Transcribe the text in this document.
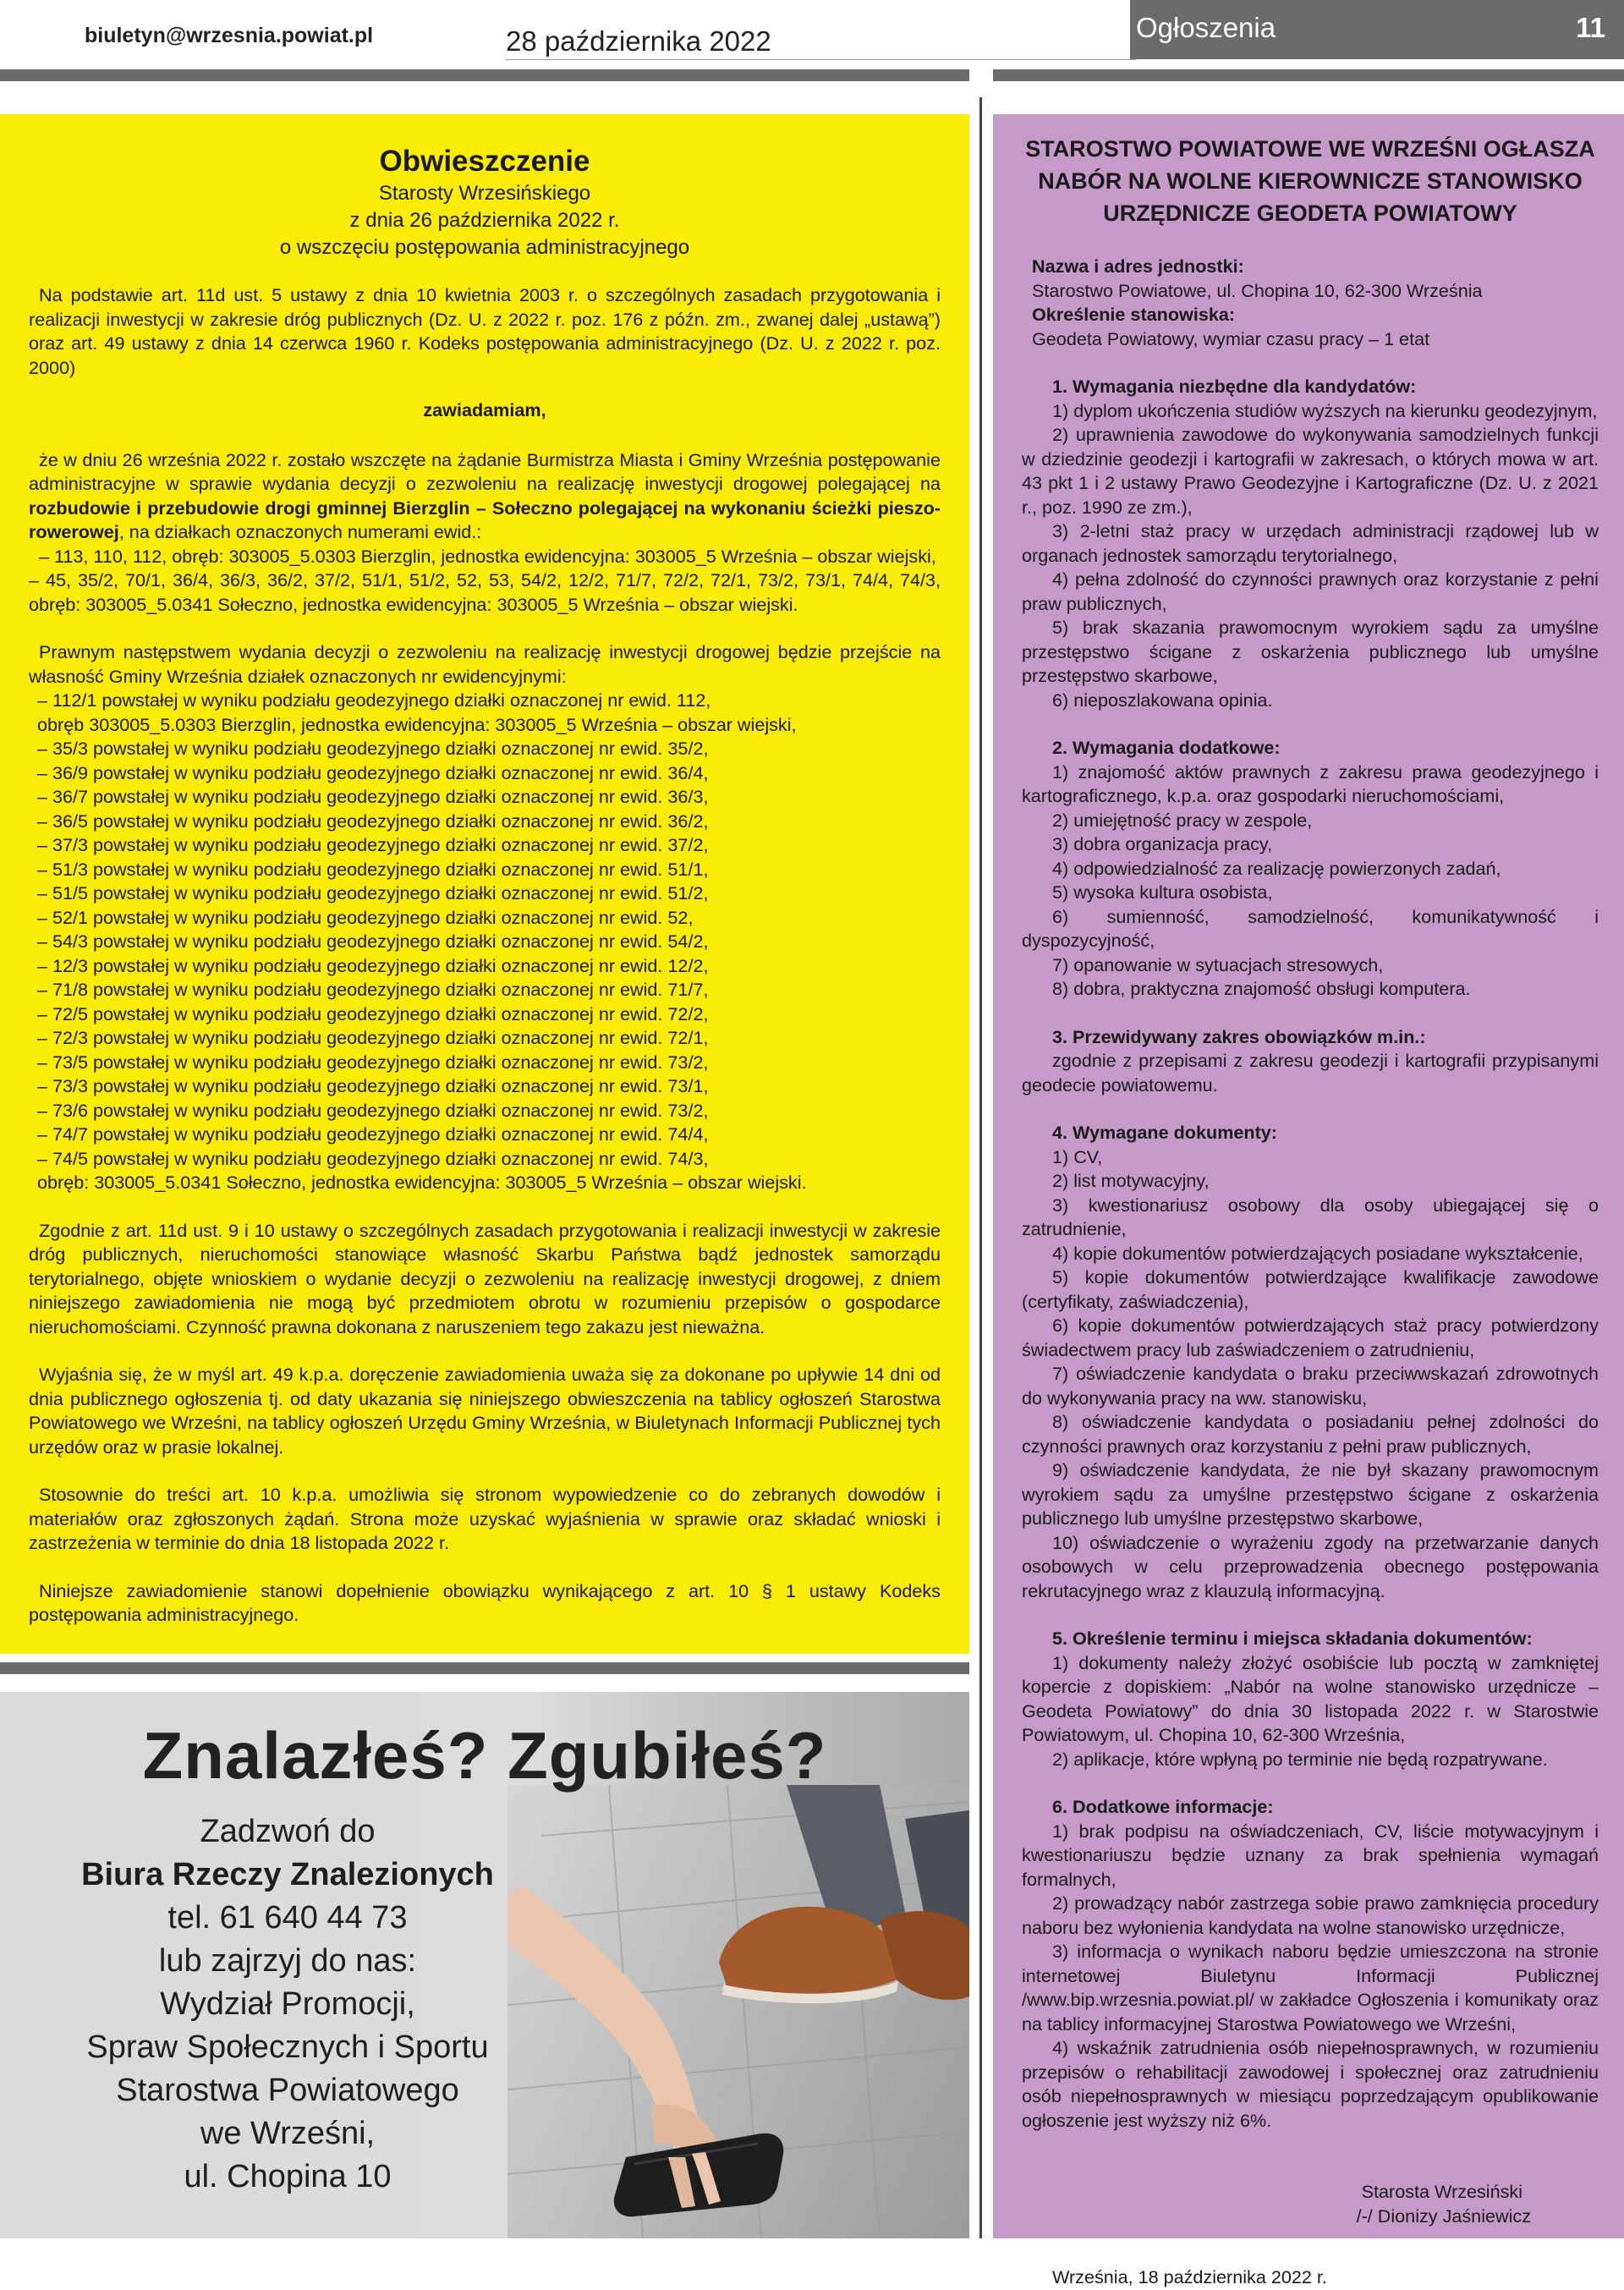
biuletyn@wrzesnia.powiat.pl	28 października 2022	Ogłoszenia	11
Obwieszczenie
Starosty Wrzesińskiego
z dnia 26 października 2022 r.
o wszczęciu postępowania administracyjnego

Na podstawie art. 11d ust. 5 ustawy z dnia 10 kwietnia 2003 r. o szczególnych zasadach przygotowania i realizacji inwestycji w zakresie dróg publicznych (Dz. U. z 2022 r. poz. 176 z późn. zm., zwanej dalej „ustawą”) oraz art. 49 ustawy z dnia 14 czerwca 1960 r. Kodeks postępowania administracyjnego (Dz. U. z 2022 r. poz. 2000)

zawiadamiam,

że w dniu 26 września 2022 r. zostało wszczęte na żądanie Burmistrza Miasta i Gminy Września postępowanie administracyjne w sprawie wydania decyzji o zezwoleniu na realizację inwestycji drogowej polegającej na rozbudowie i przebudowie drogi gminnej Bierzglin – Sołeczno polegającej na wykonaniu ścieżki pieszo-rowerowej, na działkach oznaczonych numerami ewid.:

– 113, 110, 112, obręb: 303005_5.0303 Bierzglin, jednostka ewidencyjna: 303005_5 Września – obszar wiejski,

– 45, 35/2, 70/1, 36/4, 36/3, 36/2, 37/2, 51/1, 51/2, 52, 53, 54/2, 12/2, 71/7, 72/2, 72/1, 73/2, 73/1, 74/4, 74/3, obręb: 303005_5.0341 Sołeczno, jednostka ewidencyjna: 303005_5 Września – obszar wiejski.

Prawnym następstwem wydania decyzji o zezwoleniu na realizację inwestycji drogowej będzie przejście na własność Gminy Września działek oznaczonych nr ewidencyjnymi:

– 112/1 powstałej w wyniku podziału geodezyjnego działki oznaczonej nr ewid. 112,
obręb 303005_5.0303 Bierzglin, jednostka ewidencyjna: 303005_5 Września – obszar wiejski,
– 35/3 powstałej w wyniku podziału geodezyjnego działki oznaczonej nr ewid. 35/2,
– 36/9 powstałej w wyniku podziału geodezyjnego działki oznaczonej nr ewid. 36/4,
– 36/7 powstałej w wyniku podziału geodezyjnego działki oznaczonej nr ewid. 36/3,
– 36/5 powstałej w wyniku podziału geodezyjnego działki oznaczonej nr ewid. 36/2,
– 37/3 powstałej w wyniku podziału geodezyjnego działki oznaczonej nr ewid. 37/2,
– 51/3 powstałej w wyniku podziału geodezyjnego działki oznaczonej nr ewid. 51/1,
– 51/5 powstałej w wyniku podziału geodezyjnego działki oznaczonej nr ewid. 51/2,
– 52/1 powstałej w wyniku podziału geodezyjnego działki oznaczonej nr ewid. 52,
– 54/3 powstałej w wyniku podziału geodezyjnego działki oznaczonej nr ewid. 54/2,
– 12/3 powstałej w wyniku podziału geodezyjnego działki oznaczonej nr ewid. 12/2,
– 71/8 powstałej w wyniku podziału geodezyjnego działki oznaczonej nr ewid. 71/7,
– 72/5 powstałej w wyniku podziału geodezyjnego działki oznaczonej nr ewid. 72/2,
– 72/3 powstałej w wyniku podziału geodezyjnego działki oznaczonej nr ewid. 72/1,
– 73/5 powstałej w wyniku podziału geodezyjnego działki oznaczonej nr ewid. 73/2,
– 73/3 powstałej w wyniku podziału geodezyjnego działki oznaczonej nr ewid. 73/1,
– 73/6 powstałej w wyniku podziału geodezyjnego działki oznaczonej nr ewid. 73/2,
– 74/7 powstałej w wyniku podziału geodezyjnego działki oznaczonej nr ewid. 74/4,
– 74/5 powstałej w wyniku podziału geodezyjnego działki oznaczonej nr ewid. 74/3,
obręb: 303005_5.0341 Sołeczno, jednostka ewidencyjna: 303005_5 Września – obszar wiejski.

Zgodnie z art. 11d ust. 9 i 10 ustawy o szczególnych zasadach przygotowania i realizacji inwestycji w zakresie dróg publicznych, nieruchomości stanowiące własność Skarbu Państwa bądź jednostek samorządu terytorialnego, objęte wnioskiem o wydanie decyzji o zezwoleniu na realizację inwestycji drogowej, z dniem niniejszego zawiadomienia nie mogą być przedmiotem obrotu w rozumieniu przepisów o gospodarce nieruchomościami. Czynność prawna dokonana z naruszeniem tego zakazu jest nieważna.

Wyjaśnia się, że w myśl art. 49 k.p.a. doręczenie zawiadomienia uważa się za dokonane po upływie 14 dni od dnia publicznego ogłoszenia tj. od daty ukazania się niniejszego obwieszczenia na tablicy ogłoszeń Starostwa Powiatowego we Wrześni, na tablicy ogłoszeń Urzędu Gminy Września, w Biuletynach Informacji Publicznej tych urzędów oraz w prasie lokalnej.

Stosownie do treści art. 10 k.p.a. umożliwia się stronom wypowiedzenie co do zebranych dowodów i materiałów oraz zgłoszonych żądań. Strona może uzyskać wyjaśnienia w sprawie oraz składać wnioski i zastrzeżenia w terminie do dnia 18 listopada 2022 r.

Niniejsze zawiadomienie stanowi dopełnienie obowiązku wynikającego z art. 10 § 1 ustawy Kodeks postępowania administracyjnego.

STAROSTWO POWIATOWE WE WRZEŚNI OGŁASZA NABÓR NA WOLNE KIEROWNICZE STANOWISKO URZĘDNICZE GEODETA POWIATOWY

Nazwa i adres jednostki:

Starostwo Powiatowe, ul. Chopina 10, 62-300 Września

Określenie stanowiska:

Geodeta Powiatowy, wymiar czasu pracy – 1 etat

1. Wymagania niezbędne dla kandydatów:

1) dyplom ukończenia studiów wyższych na kierunku geodezyjnym,

2) uprawnienia zawodowe do wykonywania samodzielnych funkcji w dziedzinie geodezji i kartografii w zakresach, o których mowa w art. 43 pkt 1 i 2 ustawy Prawo Geodezyjne i Kartograficzne (Dz. U. z 2021 r., poz. 1990 ze zm.),

3) 2-letni staż pracy w urzędach administracji rządowej lub w organach jednostek samorządu terytorialnego,

4) pełna zdolność do czynności prawnych oraz korzystanie z pełni praw publicznych,

5) brak skazania prawomocnym wyrokiem sądu za umyślne przestępstwo ścigane z oskarżenia publicznego lub umyślne przestępstwo skarbowe,

6) nieposzlakowana opinia.

2. Wymagania dodatkowe:

1) znajomość aktów prawnych z zakresu prawa geodezyjnego i kartograficznego, k.p.a. oraz gospodarki nieruchomościami,

2) umiejętność pracy w zespole,

3) dobra organizacja pracy,

4) odpowiedzialność za realizację powierzonych zadań,

5) wysoka kultura osobista,

6) sumienność, samodzielność, komunikatywność i dyspozycyjność,

7) opanowanie w sytuacjach stresowych,

8) dobra, praktyczna znajomość obsługi komputera.

3. Przewidywany zakres obowiązków m.in.:

zgodnie z przepisami z zakresu geodezji i kartografii przypisanymi geodecie powiatowemu.

4. Wymagane dokumenty:

1) CV,

2) list motywacyjny,

3) kwestionariusz osobowy dla osoby ubiegającej się o zatrudnienie,

4) kopie dokumentów potwierdzających posiadane wykształcenie,

5) kopie dokumentów potwierdzające kwalifikacje zawodowe (certyfikaty, zaświadczenia),

6) kopie dokumentów potwierdzających staż pracy potwierdzony świadectwem pracy lub zaświadczeniem o zatrudnieniu,

7) oświadczenie kandydata o braku przeciwwskazań zdrowotnych do wykonywania pracy na ww. stanowisku,

8) oświadczenie kandydata o posiadaniu pełnej zdolności do czynności prawnych oraz korzystaniu z pełni praw publicznych,

9) oświadczenie kandydata, że nie był skazany prawomocnym wyrokiem sądu za umyślne przestępstwo ścigane z oskarżenia publicznego lub umyślne przestępstwo skarbowe,

10) oświadczenie o wyrażeniu zgody na przetwarzanie danych osobowych w celu przeprowadzenia obecnego postępowania rekrutacyjnego wraz z klauzulą informacyjną.

5. Określenie terminu i miejsca składania dokumentów:

1) dokumenty należy złożyć osobiście lub pocztą w zamkniętej kopercie z dopiskiem: „Nabór na wolne stanowisko urzędnicze – Geodeta Powiatowy” do dnia 30 listopada 2022 r. w Starostwie Powiatowym, ul. Chopina 10, 62-300 Września,

2) aplikacje, które wpłyną po terminie nie będą rozpatrywane.

6. Dodatkowe informacje:

1) brak podpisu na oświadczeniach, CV, liście motywacyjnym i kwestionariuszu będzie uznany za brak spełnienia wymagań formalnych,

2) prowadzący nabór zastrzega sobie prawo zamknięcia procedury naboru bez wyłonienia kandydata na wolne stanowisko urzędnicze,

3) informacja o wynikach naboru będzie umieszczona na stronie internetowej Biuletynu Informacji Publicznej /www.bip.wrzesnia.powiat.pl/ w zakładce Ogłoszenia i komunikaty oraz na tablicy informacyjnej Starostwa Powiatowego we Wrześni,

4) wskaźnik zatrudnienia osób niepełnosprawnych, w rozumieniu przepisów o rehabilitacji zawodowej i społecznej oraz zatrudnieniu osób niepełnosprawnych w miesiącu poprzedzającym opublikowanie ogłoszenie jest wyższy niż 6%.

Starosta Wrzesiński

/-/ Dionizy Jaśniewicz

Września, 18 października 2022 r.

Znalazłeś? Zgubiłeś?
Zadzwoń do
Biura Rzeczy Znalezionych
tel. 61 640 44 73
lub zajrzyj do nas:
Wydział Promocji,
Spraw Społecznych i Sportu
Starostwa Powiatowego
we Wrześni,
ul. Chopina 10
